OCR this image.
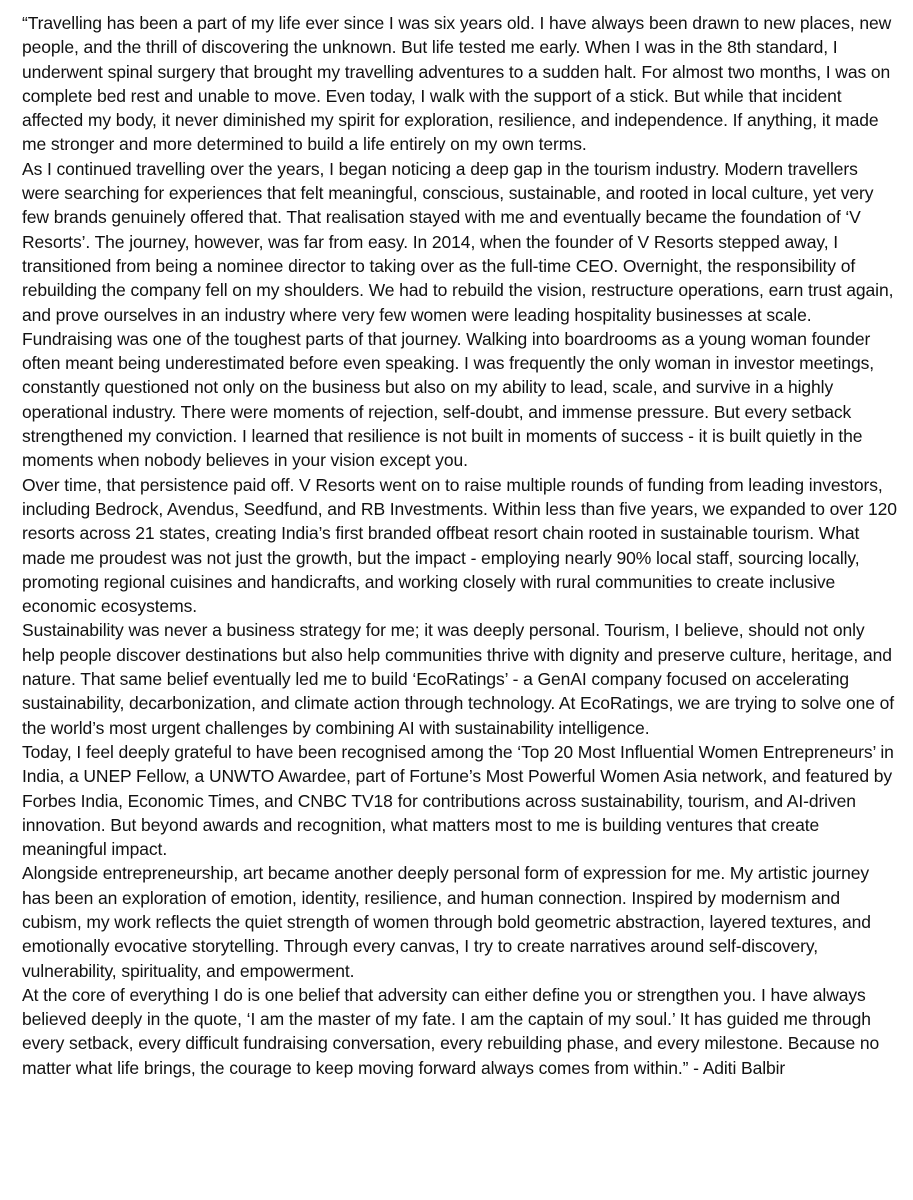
“Travelling has been a part of my life ever since I was six years old. I have always been drawn to new places, new people, and the thrill of discovering the unknown. But life tested me early. When I was in the 8th standard, I underwent spinal surgery that brought my travelling adventures to a sudden halt. For almost two months, I was on complete bed rest and unable to move. Even today, I walk with the support of a stick. But while that incident affected my body, it never diminished my spirit for exploration, resilience, and independence. If anything, it made me stronger and more determined to build a life entirely on my own terms.

As I continued travelling over the years, I began noticing a deep gap in the tourism industry. Modern travellers were searching for experiences that felt meaningful, conscious, sustainable, and rooted in local culture, yet very few brands genuinely offered that. That realisation stayed with me and eventually became the foundation of ‘V Resorts’. The journey, however, was far from easy. In 2014, when the founder of V Resorts stepped away, I transitioned from being a nominee director to taking over as the full-time CEO. Overnight, the responsibility of rebuilding the company fell on my shoulders. We had to rebuild the vision, restructure operations, earn trust again, and prove ourselves in an industry where very few women were leading hospitality businesses at scale.

Fundraising was one of the toughest parts of that journey. Walking into boardrooms as a young woman founder often meant being underestimated before even speaking. I was frequently the only woman in investor meetings, constantly questioned not only on the business but also on my ability to lead, scale, and survive in a highly operational industry. There were moments of rejection, self-doubt, and immense pressure. But every setback strengthened my conviction. I learned that resilience is not built in moments of success - it is built quietly in the moments when nobody believes in your vision except you.

Over time, that persistence paid off. V Resorts went on to raise multiple rounds of funding from leading investors, including Bedrock, Avendus, Seedfund, and RB Investments. Within less than five years, we expanded to over 120 resorts across 21 states, creating India’s first branded offbeat resort chain rooted in sustainable tourism. What made me proudest was not just the growth, but the impact - employing nearly 90% local staff, sourcing locally, promoting regional cuisines and handicrafts, and working closely with rural communities to create inclusive economic ecosystems.

Sustainability was never a business strategy for me; it was deeply personal. Tourism, I believe, should not only help people discover destinations but also help communities thrive with dignity and preserve culture, heritage, and nature. That same belief eventually led me to build ‘EcoRatings’ - a GenAI company focused on accelerating sustainability, decarbonization, and climate action through technology. At EcoRatings, we are trying to solve one of the world’s most urgent challenges by combining AI with sustainability intelligence.

Today, I feel deeply grateful to have been recognised among the ‘Top 20 Most Influential Women Entrepreneurs’ in India, a UNEP Fellow, a UNWTO Awardee, part of Fortune’s Most Powerful Women Asia network, and featured by Forbes India, Economic Times, and CNBC TV18 for contributions across sustainability, tourism, and AI-driven innovation. But beyond awards and recognition, what matters most to me is building ventures that create meaningful impact.

Alongside entrepreneurship, art became another deeply personal form of expression for me. My artistic journey has been an exploration of emotion, identity, resilience, and human connection. Inspired by modernism and cubism, my work reflects the quiet strength of women through bold geometric abstraction, layered textures, and emotionally evocative storytelling. Through every canvas, I try to create narratives around self-discovery, vulnerability, spirituality, and empowerment.

At the core of everything I do is one belief that adversity can either define you or strengthen you. I have always believed deeply in the quote, ‘I am the master of my fate. I am the captain of my soul.’ It has guided me through every setback, every difficult fundraising conversation, every rebuilding phase, and every milestone. Because no matter what life brings, the courage to keep moving forward always comes from within.” - Aditi Balbir
